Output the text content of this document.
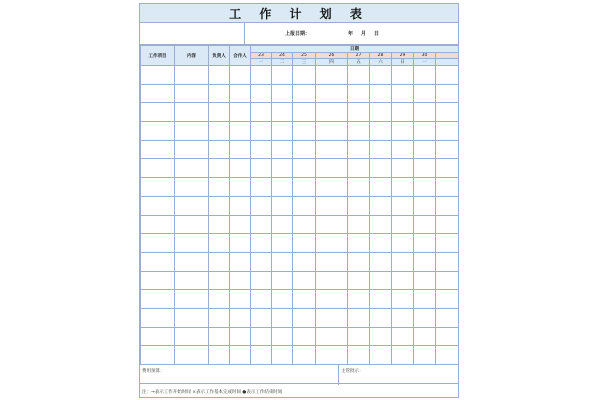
工 作 计 划 表
上报日期：	年 月 日
工作项目	内容	负责人	合作人	日期								
				23	24	25	26	27	28	29	30	
				一	二	三	四	五	六	日	一	

费用预算：	主管批示：
注：→表示工作开始时间 ×表示工作基本完成时间 ●表示工作结束时间
